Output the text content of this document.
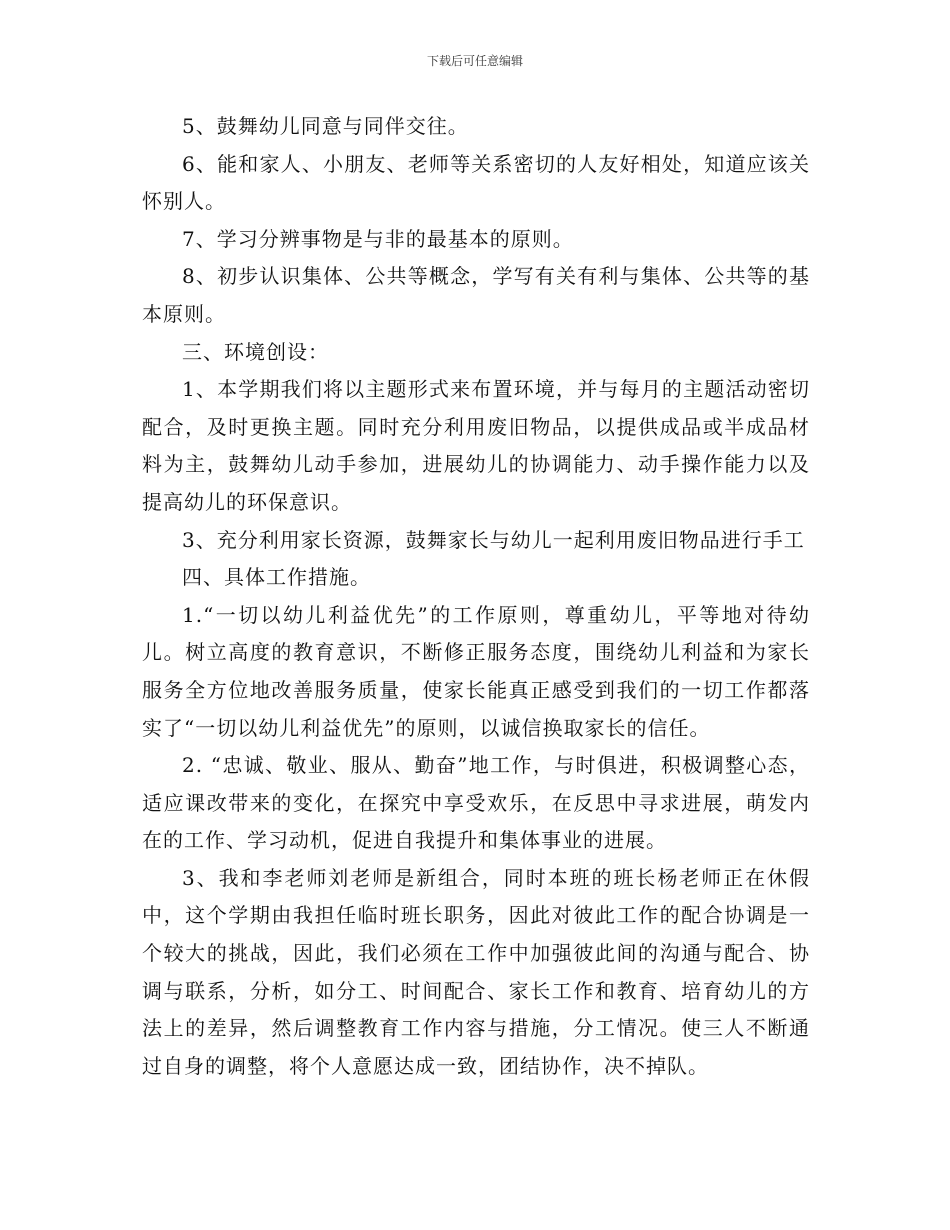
下载后可任意编辑

5、鼓舞幼儿同意与同伴交往。

6、能和家人、小朋友、老师等关系密切的人友好相处，知道应该关怀别人。

7、学习分辨事物是与非的最基本的原则。

8、初步认识集体、公共等概念，学写有关有利与集体、公共等的基本原则。

三、环境创设：

1、本学期我们将以主题形式来布置环境，并与每月的主题活动密切配合，及时更换主题。同时充分利用废旧物品，以提供成品或半成品材料为主，鼓舞幼儿动手参加，进展幼儿的协调能力、动手操作能力以及提高幼儿的环保意识。

3、充分利用家长资源，鼓舞家长与幼儿一起利用废旧物品进行手工

四、具体工作措施。

1.“一切以幼儿利益优先”的工作原则，尊重幼儿，平等地对待幼儿。树立高度的教育意识，不断修正服务态度，围绕幼儿利益和为家长服务全方位地改善服务质量，使家长能真正感受到我们的一切工作都落实了“一切以幼儿利益优先”的原则，以诚信换取家长的信任。

2. “忠诚、敬业、服从、勤奋”地工作，与时俱进，积极调整心态，适应课改带来的变化，在探究中享受欢乐，在反思中寻求进展，萌发内在的工作、学习动机，促进自我提升和集体事业的进展。

3、我和李老师刘老师是新组合，同时本班的班长杨老师正在休假中，这个学期由我担任临时班长职务，因此对彼此工作的配合协调是一个较大的挑战，因此，我们必须在工作中加强彼此间的沟通与配合、协调与联系，分析，如分工、时间配合、家长工作和教育、培育幼儿的方法上的差异，然后调整教育工作内容与措施，分工情况。使三人不断通过自身的调整，将个人意愿达成一致，团结协作，决不掉队。
